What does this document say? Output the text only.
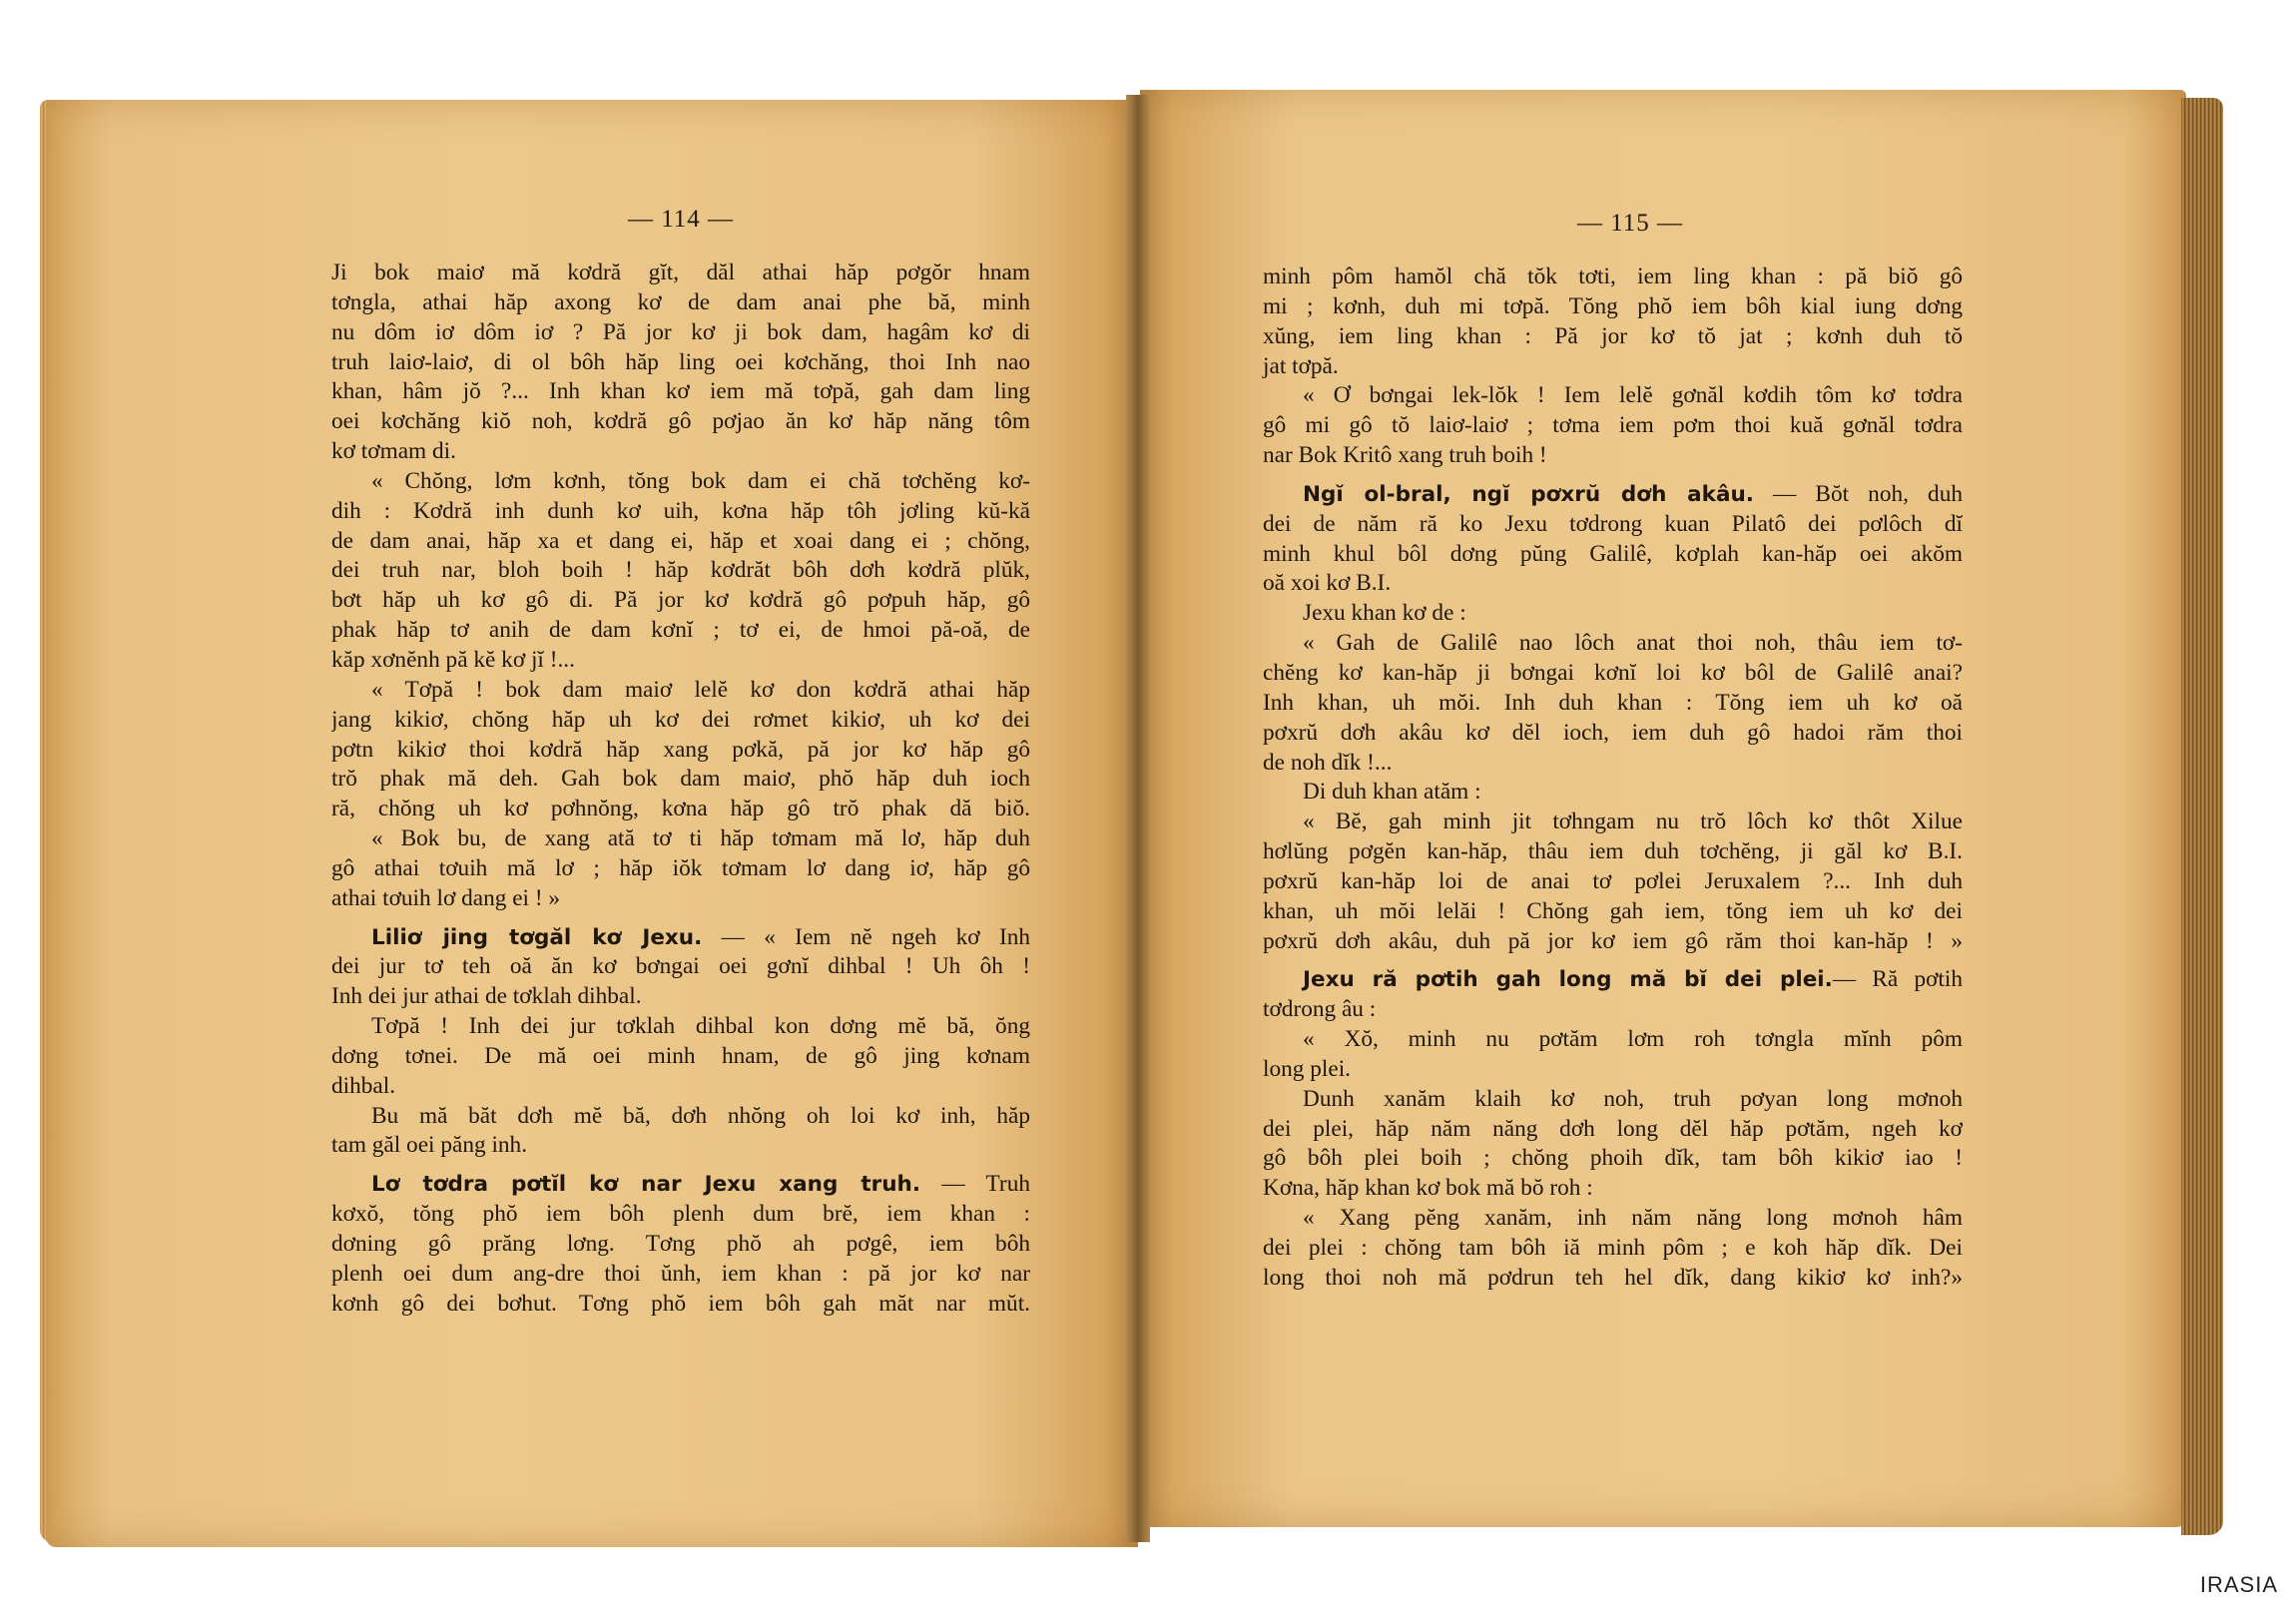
— 114 —	— 115 —
Ji bok maiơ mă kơdră gĭt, dăl athai hăp pơgŏr hnam
tơngla, athai hăp axong kơ de dam anai phe bă, minh
nu dôm iơ dôm iơ ? Pă jor kơ ji bok dam, hagâm kơ di
truh laiơ-laiơ, di ol bôh hăp ling oei kơchăng, thoi Inh nao
khan, hâm jŏ ?... Inh khan kơ iem mă tơpă, gah dam ling
oei kơchăng kiŏ noh, kơdră gô pơjao ăn kơ hăp năng tôm
kơ tơmam di.
« Chŏng, lơm kơnh, tŏng bok dam ei chă tơchĕng kơ-
dih : Kơdră inh dunh kơ uih, kơna hăp tôh jơling kŭ-kă
de dam anai, hăp xa et dang ei, hăp et xoai dang ei ; chŏng,
dei truh nar, bloh boih ! hăp kơdrăt bôh dơh kơdră plŭk,
bơt hăp uh kơ gô di. Pă jor kơ kơdră gô pơpuh hăp, gô
phak hăp tơ anih de dam kơnĭ ; tơ ei, de hmoi pă-oă, de
kăp xơnĕnh pă kĕ kơ jĭ !...
« Tơpă ! bok dam maiơ lelĕ kơ don kơdră athai hăp
jang kikiơ, chŏng hăp uh kơ dei rơmet kikiơ, uh kơ dei
pơtn kikiơ thoi kơdră hăp xang pơkă, pă jor kơ hăp gô
trŏ phak mă deh. Gah bok dam maiơ, phŏ hăp duh ioch
ră, chŏng uh kơ pơhnŏng, kơna hăp gô trŏ phak dă biŏ.
« Bok bu, de xang ată tơ ti hăp tơmam mă lơ, hăp duh
gô athai tơuih mă lơ ; hăp iŏk tơmam lơ dang iơ, hăp gô
athai tơuih lơ dang ei ! »
Liliơ jing tơgăl kơ Jexu. — « Iem nĕ ngeh kơ Inh
dei jur tơ teh oă ăn kơ bơngai oei gơnĭ dihbal ! Uh ôh !
Inh dei jur athai de tơklah dihbal.
Tơpă ! Inh dei jur tơklah dihbal kon dơng mĕ bă, ŏng
dơng tơnei. De mă oei minh hnam, de gô jing kơnam
dihbal.
Bu mă băt dơh mĕ bă, dơh nhŏng oh loi kơ inh, hăp
tam găl oei păng inh.
Lơ tơdra pơtĭl kơ nar Jexu xang truh. — Truh
kơxŏ, tŏng phŏ iem bôh plenh dum brĕ, iem khan :
dơning gô prăng lơng. Tơng phŏ ah pơgê, iem bôh
plenh oei dum ang-dre thoi ŭnh, iem khan : pă jor kơ nar
kơnh gô dei bơhut. Tơng phŏ iem bôh gah măt nar mŭt.
minh pôm hamŏl chă tŏk tơti, iem ling khan : pă biŏ gô
mi ; kơnh, duh mi tơpă. Tŏng phŏ iem bôh kial iung dơng
xŭng, iem ling khan : Pă jor kơ tŏ jat ; kơnh duh tŏ
jat tơpă.
« Ơ bơngai lek-lŏk ! Iem lelĕ gơnăl kơdih tôm kơ tơdra
gô mi gô tŏ laiơ-laiơ ; tơma iem pơm thoi kuă gơnăl tơdra
nar Bok Kritô xang truh boih !
Ngĭ ol-bral, ngĭ pơxrŭ dơh akâu. — Bŏt noh, duh
dei de năm ră ko Jexu tơdrong kuan Pilatô dei pơlôch dĭ
minh khul bôl dơng pŭng Galilê, kơplah kan-hăp oei akŏm
oă xoi kơ B.I.
Jexu khan kơ de :
« Gah de Galilê nao lôch anat thoi noh, thâu iem tơ-
chĕng kơ kan-hăp ji bơngai kơnĭ loi kơ bôl de Galilê anai?
Inh khan, uh mŏi. Inh duh khan : Tŏng iem uh kơ oă
pơxrŭ dơh akâu kơ dĕl ioch, iem duh gô hadoi răm thoi
de noh dĭk !...
Di duh khan atăm :
« Bĕ, gah minh jit tơhngam nu trŏ lôch kơ thôt Xilue
hơlŭng pơgĕn kan-hăp, thâu iem duh tơchĕng, ji găl kơ B.I.
pơxrŭ kan-hăp loi de anai tơ pơlei Jeruxalem ?... Inh duh
khan, uh mŏi lelăi ! Chŏng gah iem, tŏng iem uh kơ dei
pơxrŭ dơh akâu, duh pă jor kơ iem gô răm thoi kan-hăp ! »
Jexu ră pơtih gah long mă bĭ dei plei.— Ră pơtih
tơdrong âu :
« Xŏ, minh nu pơtăm lơm roh tơngla mĭnh pôm
long plei.
Dunh xanăm klaih kơ noh, truh pơyan long mơnoh
dei plei, hăp năm năng dơh long dĕl hăp pơtăm, ngeh kơ
gô bôh plei boih ; chŏng phoih dĭk, tam bôh kikiơ iao !
Kơna, hăp khan kơ bok mă bŏ roh :
« Xang pĕng xanăm, inh năm năng long mơnoh hâm
dei plei : chŏng tam bôh iă minh pôm ; e koh hăp dĭk. Dei
long thoi noh mă pơdrun teh hel dĭk, dang kikiơ kơ inh?»
IRASIA
